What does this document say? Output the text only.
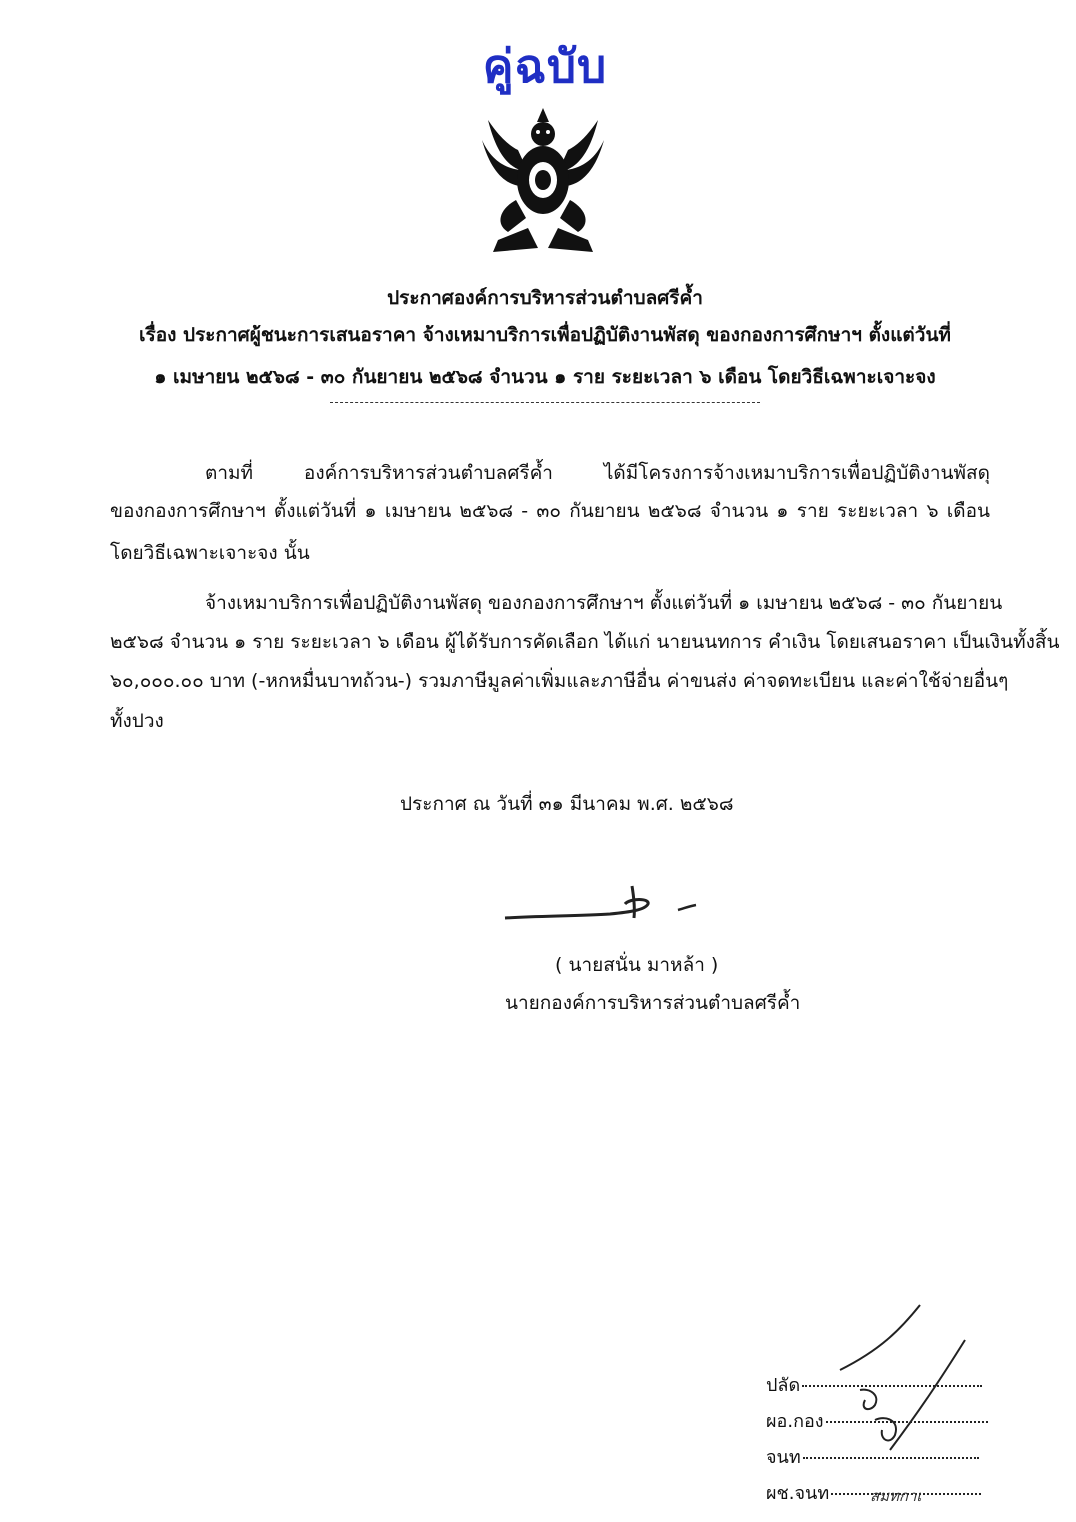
คู่ฉบับ
ประกาศองค์การบริหารส่วนตำบลศรีค้ำ
เรื่อง ประกาศผู้ชนะการเสนอราคา จ้างเหมาบริการเพื่อปฏิบัติงานพัสดุ ของกองการศึกษาฯ ตั้งแต่วันที่
๑ เมษายน ๒๕๖๘ - ๓๐ กันยายน ๒๕๖๘ จำนวน ๑ ราย ระยะเวลา ๖ เดือน โดยวิธีเฉพาะเจาะจง
ตามที่ องค์การบริหารส่วนตำบลศรีค้ำ ได้มีโครงการจ้างเหมาบริการเพื่อปฏิบัติงานพัสดุ
ของกองการศึกษาฯ ตั้งแต่วันที่ ๑ เมษายน ๒๕๖๘ - ๓๐ กันยายน ๒๕๖๘ จำนวน ๑ ราย ระยะเวลา ๖ เดือน
โดยวิธีเฉพาะเจาะจง นั้น
จ้างเหมาบริการเพื่อปฏิบัติงานพัสดุ ของกองการศึกษาฯ ตั้งแต่วันที่ ๑ เมษายน ๒๕๖๘ - ๓๐ กันยายน
๒๕๖๘ จำนวน ๑ ราย ระยะเวลา ๖ เดือน ผู้ได้รับการคัดเลือก ได้แก่ นายนนทการ คำเงิน โดยเสนอราคา เป็นเงินทั้งสิ้น
๖๐,๐๐๐.๐๐ บาท (-หกหมื่นบาทถ้วน-) รวมภาษีมูลค่าเพิ่มและภาษีอื่น ค่าขนส่ง ค่าจดทะเบียน และค่าใช้จ่ายอื่นๆ
ทั้งปวง
ประกาศ ณ วันที่ ๓๑ มีนาคม พ.ศ. ๒๕๖๘
( นายสนั่น มาหล้า )
นายกองค์การบริหารส่วนตำบลศรีค้ำ
ปลัด
ผอ.กอง
จนท
ผช.จนท	สมทกาเ
